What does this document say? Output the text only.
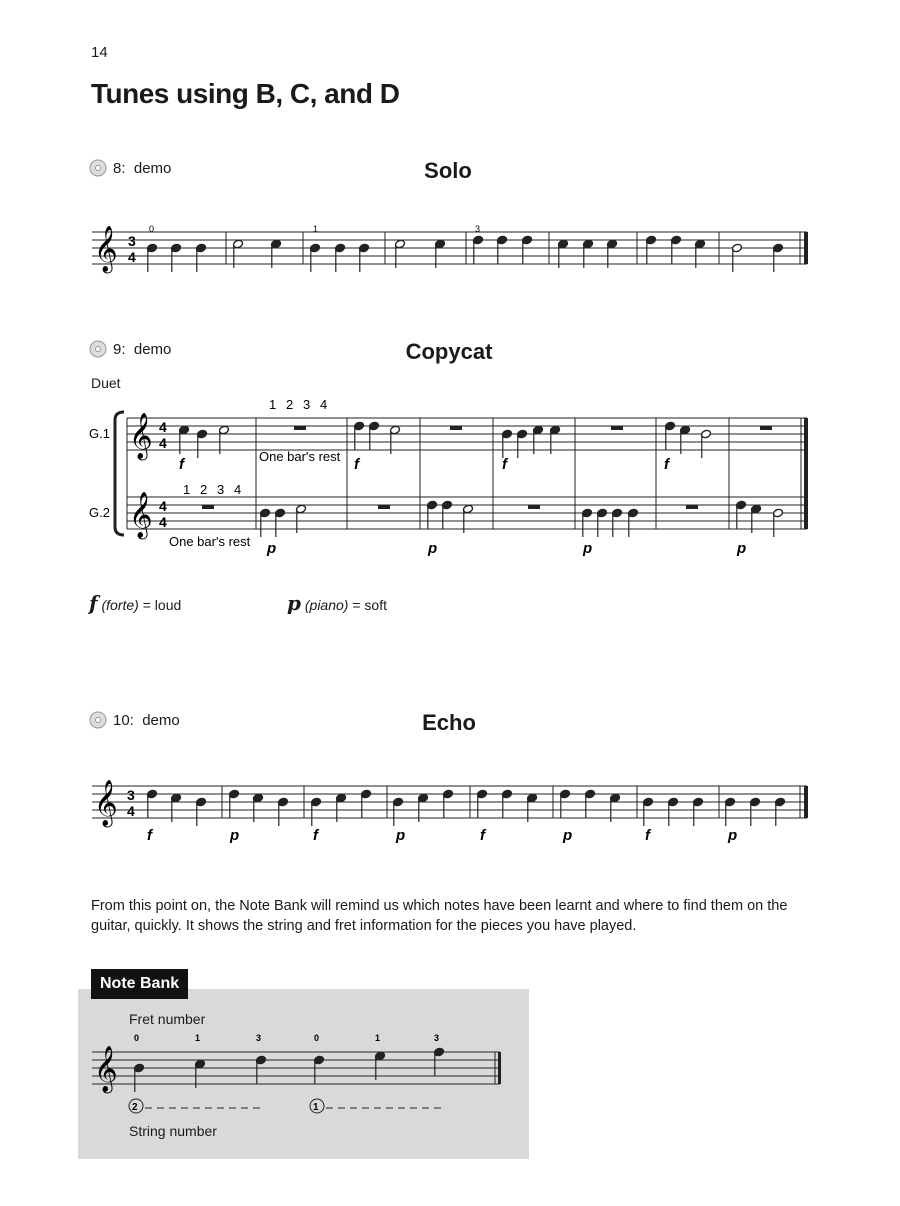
14
Tunes using B, C, and D
8:
demo	Solo
𝄞 3
4
0	1	3
9:
demo	Copycat
Duet
G.1
G.2
𝄞
𝄞
4
4
4
4
1 2 3 4
1 2 3 4
One bar's rest
One bar's rest
f	f	f	f
p	p	p	p
f
(forte)
= loud	p
(piano)
= soft
10:
demo	Echo
𝄞 3
4
f	p	f	p	f	p	f	p
From this point on, the Note Bank will remind us which notes have been learnt and where to find them on the guitar, quickly. It shows the string and fret information for the pieces you have played.
Note Bank
Fret number
String number
𝄞
0	1	3	0	1	3
2	1
